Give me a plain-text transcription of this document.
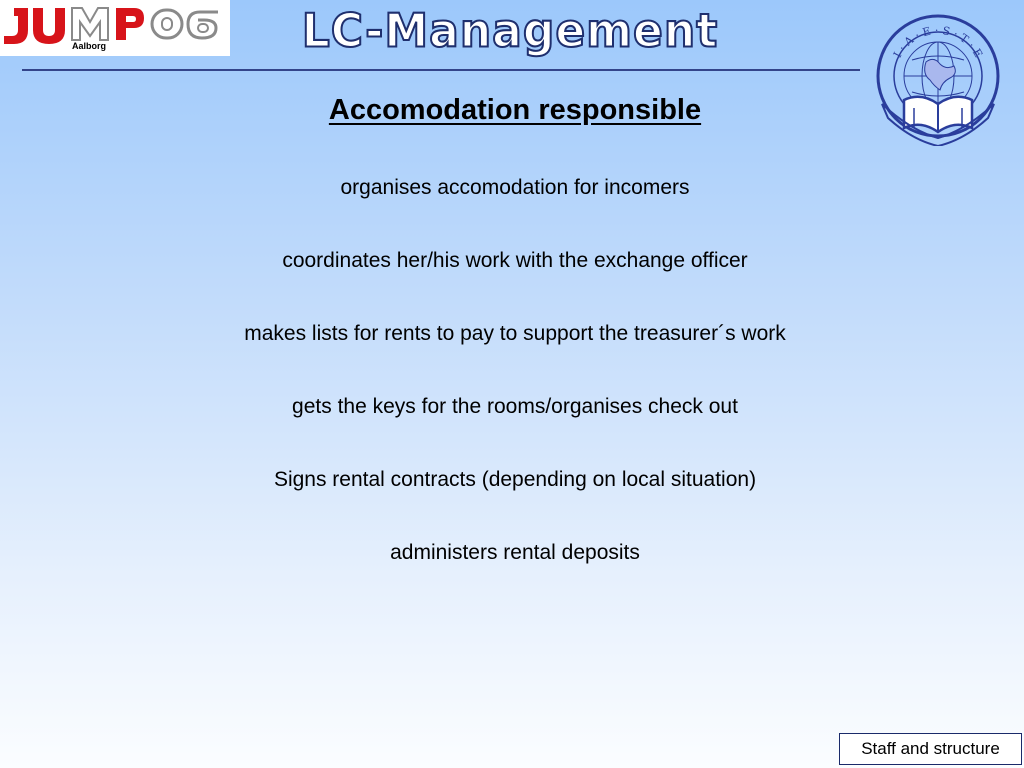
Aalborg	LC-Management	I · A · E · S · T · E
Accomodation responsible
organises accomodation for incomers
coordinates her/his work with the exchange officer
makes lists for rents to pay to support the treasurer´s work
gets the keys for the rooms/organises check out
Signs rental contracts (depending on local situation)
administers rental deposits
Staff and structure
